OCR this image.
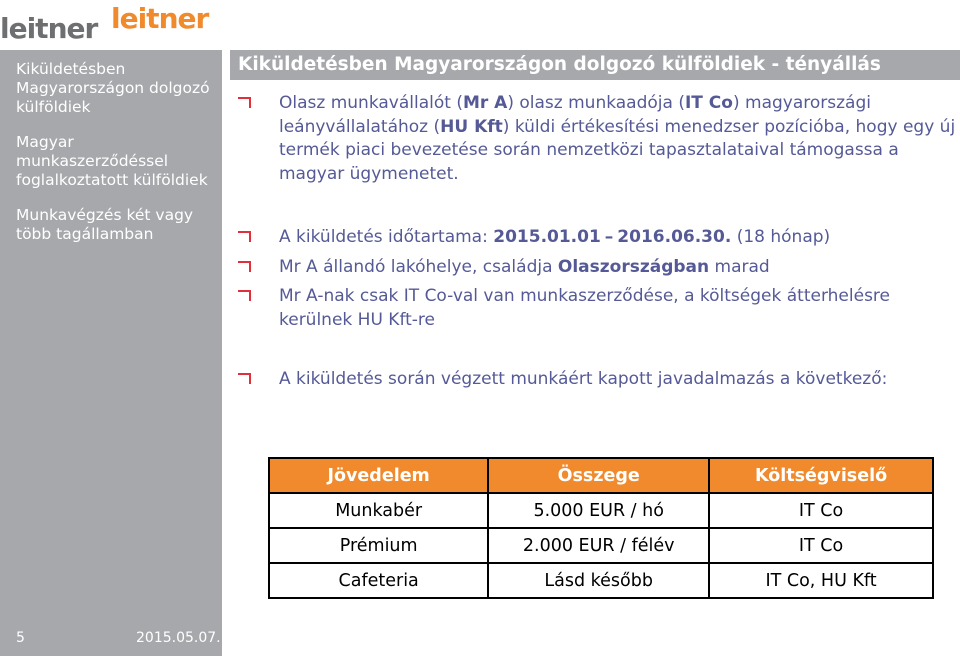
leitner leitner
Kiküldetésben Magyarországon dolgozó külföldiek
Magyar munkaszerződéssel foglalkoztatott külföldiek
Munkavégzés két vagy több tagállamban
5	2015.05.07.
Kiküldetésben Magyarországon dolgozó külföldiek - tényállás
Olasz munkavállalót (Mr A) olasz munkaadója (IT Co) magyarországi leányvállalatához (HU Kft) küldi értékesítési menedzser pozícióba, hogy egy új termék piaci bevezetése során nemzetközi tapasztalataival támogassa a magyar ügymenetet.
A kiküldetés időtartama: 2015.01.01 – 2016.06.30. (18 hónap)
Mr A állandó lakóhelye, családja Olaszországban marad
Mr A-nak csak IT Co-val van munkaszerződése, a költségek átterhelésre kerülnek HU Kft-re
A kiküldetés során végzett munkáért kapott javadalmazás a következő:
Jövedelem	Összege	Költségviselő
Munkabér	5.000 EUR / hó	IT Co
Prémium	2.000 EUR / félév	IT Co
Cafeteria	Lásd később	IT Co, HU Kft
